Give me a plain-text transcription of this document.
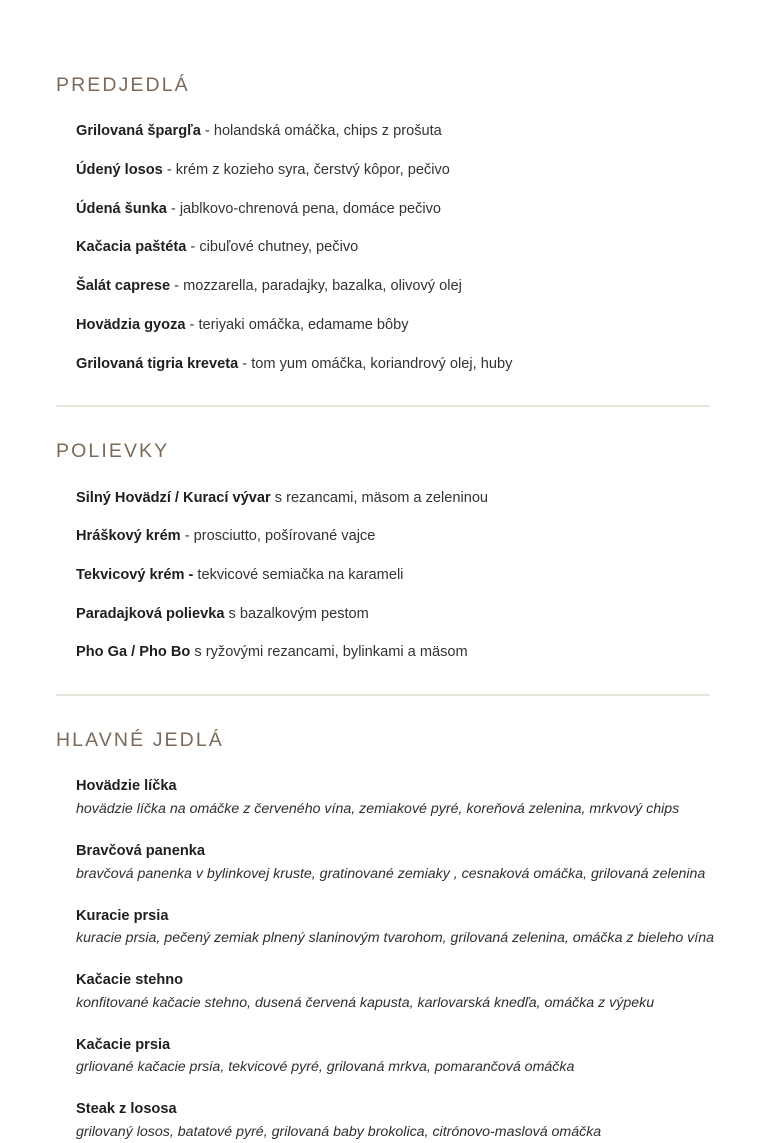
PREDJEDLÁ
Grilovaná špargľa - holandská omáčka, chips z prošuta
Údený losos - krém z kozieho syra, čerstvý kôpor, pečivo
Údená šunka - jablkovo-chrenová pena, domáce pečivo
Kačacia paštéta - cibuľové chutney, pečivo
Šalát caprese - mozzarella, paradajky, bazalka, olivový olej
Hovädzia gyoza - teriyaki omáčka, edamame bôby
Grilovaná tigria kreveta - tom yum omáčka, koriandrový olej, huby
POLIEVKY
Silný Hovädzí / Kurací vývar s rezancami, mäsom a zeleninou
Hráškový krém - prosciutto, pošírované vajce
Tekvicový krém - tekvicové semiačka na karameli
Paradajková polievka s bazalkovým pestom
Pho Ga / Pho Bo s ryžovými rezancami, bylinkami a mäsom
HLAVNÉ JEDLÁ
Hovädzie líčka
hovädzie líčka na omáčke z červeného vína, zemiakové pyré, koreňová zelenina, mrkvový chips
Bravčová panenka
bravčová panenka v bylinkovej kruste, gratinované zemiaky , cesnaková omáčka, grilovaná zelenina
Kuracie prsia
kuracie prsia, pečený zemiak plnený slaninovým tvarohom, grilovaná zelenina, omáčka z bieleho vína
Kačacie stehno
konfitované kačacie stehno, dusená červená kapusta, karlovarská knedľa, omáčka z výpeku
Kačacie prsia
grliované kačacie prsia, tekvicové pyré, grilovaná mrkva, pomarančová omáčka
Steak z lososa
grilovaný losos, batatové pyré, grilovaná baby brokolica, citrónovo-maslová omáčka
